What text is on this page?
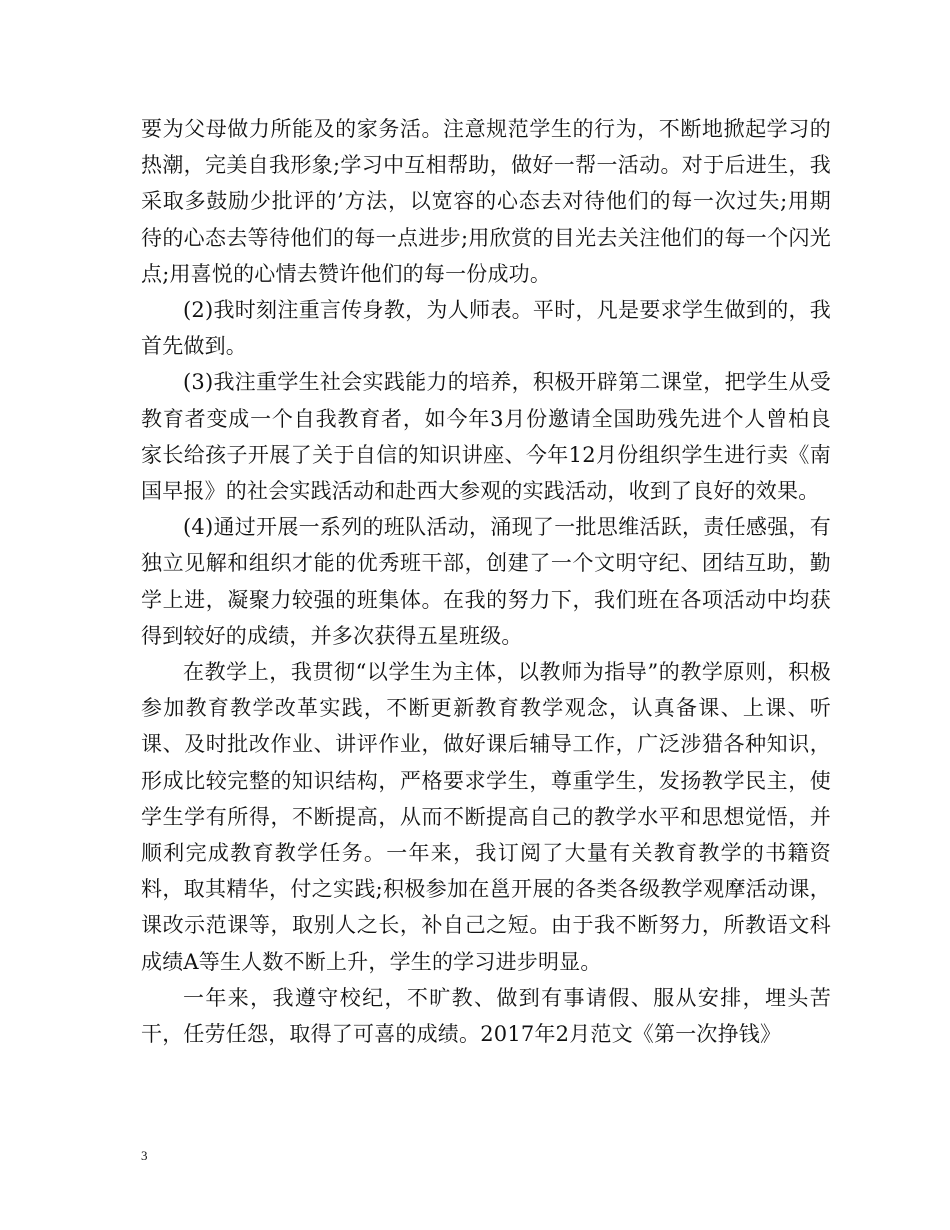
要为父母做力所能及的家务活。注意规范学生的行为，不断地掀起学习的热潮，完美自我形象;学习中互相帮助，做好一帮一活动。对于后进生，我采取多鼓励少批评的’方法，以宽容的心态去对待他们的每一次过失;用期待的心态去等待他们的每一点进步;用欣赏的目光去关注他们的每一个闪光点;用喜悦的心情去赞许他们的每一份成功。

(2)我时刻注重言传身教，为人师表。平时，凡是要求学生做到的，我首先做到。

(3)我注重学生社会实践能力的培养，积极开辟第二课堂，把学生从受教育者变成一个自我教育者，如今年3月份邀请全国助残先进个人曾柏良家长给孩子开展了关于自信的知识讲座、今年12月份组织学生进行卖《南国早报》的社会实践活动和赴西大参观的实践活动，收到了良好的效果。

(4)通过开展一系列的班队活动，涌现了一批思维活跃，责任感强，有独立见解和组织才能的优秀班干部，创建了一个文明守纪、团结互助，勤学上进，凝聚力较强的班集体。在我的努力下，我们班在各项活动中均获得到较好的成绩，并多次获得五星班级。

在教学上，我贯彻“以学生为主体，以教师为指导”的教学原则，积极参加教育教学改革实践，不断更新教育教学观念，认真备课、上课、听课、及时批改作业、讲评作业，做好课后辅导工作，广泛涉猎各种知识，形成比较完整的知识结构，严格要求学生，尊重学生，发扬教学民主，使学生学有所得，不断提高，从而不断提高自己的教学水平和思想觉悟，并顺利完成教育教学任务。一年来，我订阅了大量有关教育教学的书籍资料，取其精华，付之实践;积极参加在邕开展的各类各级教学观摩活动课，课改示范课等，取别人之长，补自己之短。由于我不断努力，所教语文科成绩A等生人数不断上升，学生的学习进步明显。

一年来，我遵守校纪，不旷教、做到有事请假、服从安排，埋头苦干，任劳任怨，取得了可喜的成绩。2017年2月范文《第一次挣钱》

3
